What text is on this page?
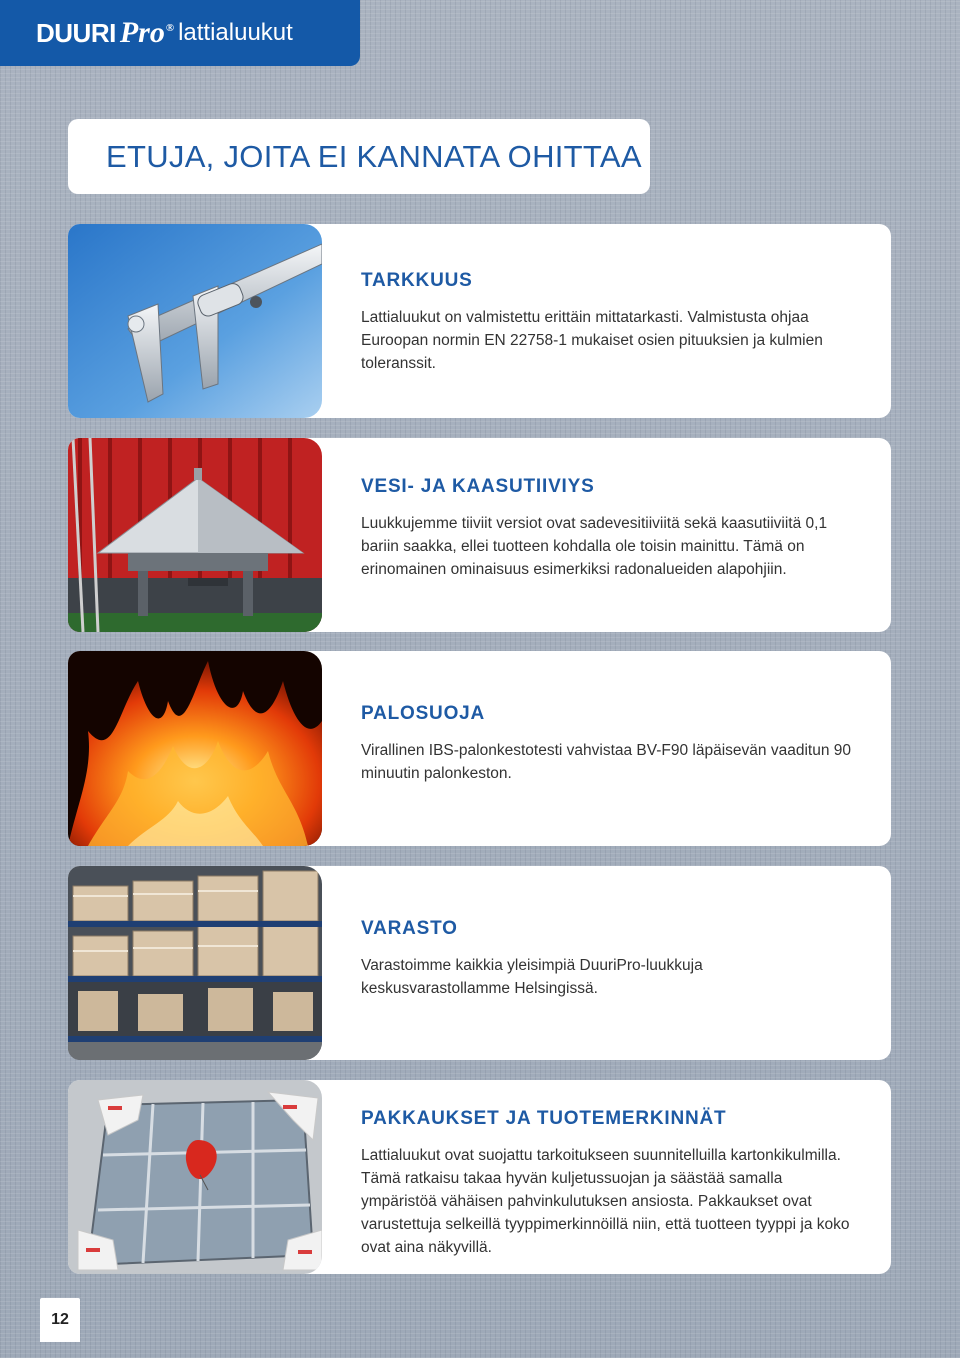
DUURI Pro® lattialuukut
ETUJA, JOITA EI KANNATA OHITTAA
TARKKUUS

Lattialuukut on valmistettu erittäin mittatarkasti. Valmistusta ohjaa Euroopan normin EN 22758-1 mukaiset osien pituuksien ja kulmien toleranssit.

VESI- JA KAASUTIIVIYS

Luukkujemme tiiviit versiot ovat sadevesitiiviitä sekä kaasutiiviitä 0,1 bariin saakka, ellei tuotteen kohdalla ole toisin mainittu. Tämä on erinomainen ominaisuus esimerkiksi radonalueiden alapohjiin.

PALOSUOJA

Virallinen IBS-palonkestotesti vahvistaa BV-F90 läpäisevän vaaditun 90 minuutin palonkeston.

VARASTO

Varastoimme kaikkia yleisimpiä DuuriPro-luukkuja keskusvarastollamme Helsingissä.

PAKKAUKSET JA TUOTEMERKINNÄT

Lattialuukut ovat suojattu tarkoitukseen suunnitelluilla kartonkikulmilla. Tämä ratkaisu takaa hyvän kuljetussuojan ja säästää samalla ympäristöä vähäisen pahvinkulutuksen ansiosta. Pakkaukset ovat varustettuja selkeillä tyyppimerkinnöillä niin, että tuotteen tyyppi ja koko ovat aina näkyvillä.

12
